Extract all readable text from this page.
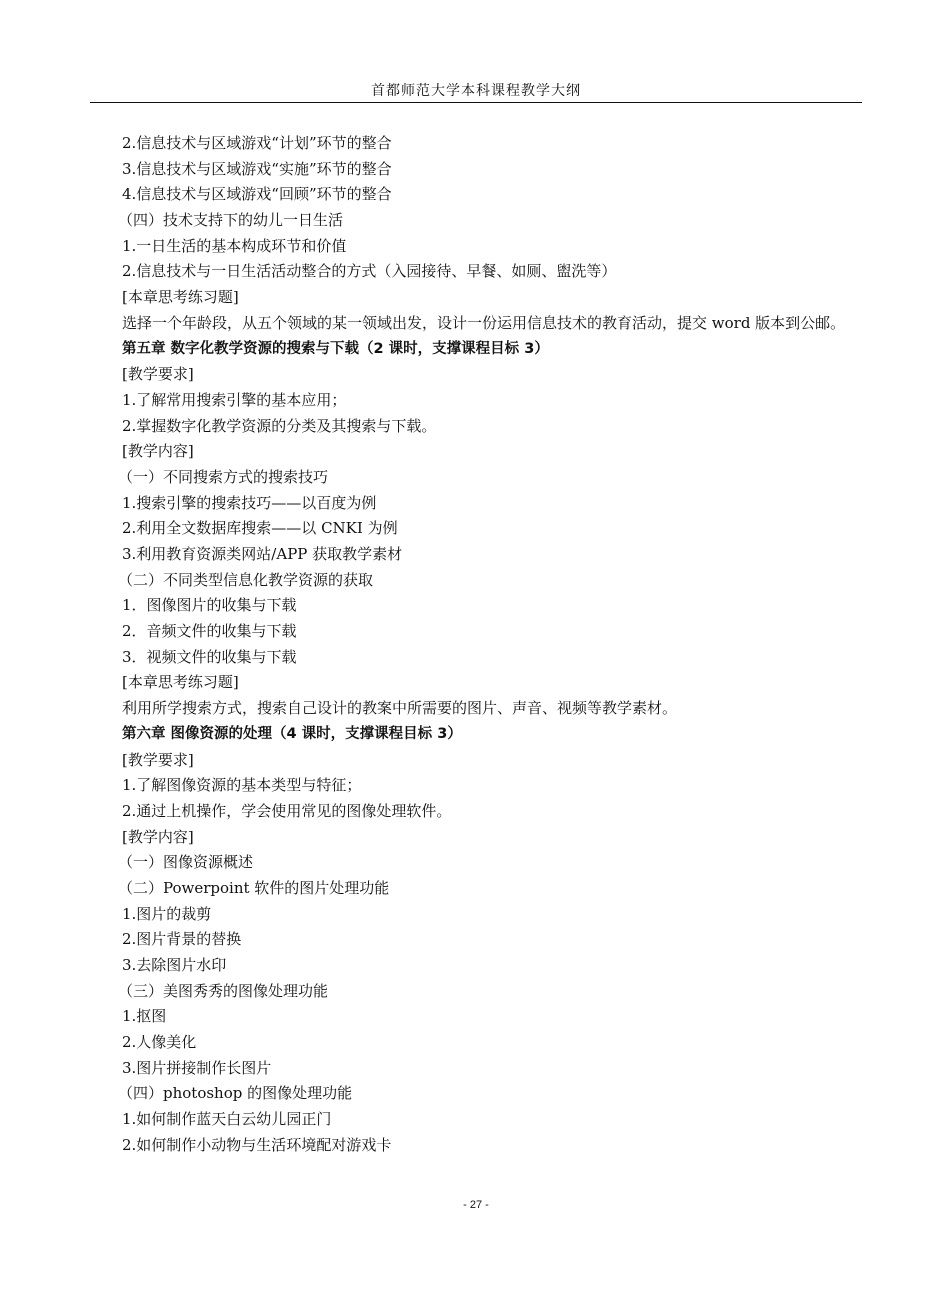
首都师范大学本科课程教学大纲
2.信息技术与区域游戏“计划”环节的整合
3.信息技术与区域游戏“实施”环节的整合
4.信息技术与区域游戏“回顾”环节的整合
（四）技术支持下的幼儿一日生活
1.一日生活的基本构成环节和价值
2.信息技术与一日生活活动整合的方式（入园接待、早餐、如厕、盥洗等）
[本章思考练习题]
选择一个年龄段，从五个领域的某一领域出发，设计一份运用信息技术的教育活动，提交 word 版本到公邮。
第五章 数字化教学资源的搜索与下载（2 课时，支撑课程目标 3）
[教学要求]
1.了解常用搜索引擎的基本应用；
2.掌握数字化教学资源的分类及其搜索与下载。
[教学内容]
（一）不同搜索方式的搜索技巧
1.搜索引擎的搜索技巧——以百度为例
2.利用全文数据库搜索——以 CNKI 为例
3.利用教育资源类网站/APP 获取教学素材
（二）不同类型信息化教学资源的获取
1．图像图片的收集与下载
2．音频文件的收集与下载
3．视频文件的收集与下载
[本章思考练习题]
利用所学搜索方式，搜索自己设计的教案中所需要的图片、声音、视频等教学素材。
第六章 图像资源的处理（4 课时，支撑课程目标 3）
[教学要求]
1.了解图像资源的基本类型与特征；
2.通过上机操作，学会使用常见的图像处理软件。
[教学内容]
（一）图像资源概述
（二）Powerpoint 软件的图片处理功能
1.图片的裁剪
2.图片背景的替换
3.去除图片水印
（三）美图秀秀的图像处理功能
1.抠图
2.人像美化
3.图片拼接制作长图片
（四）photoshop 的图像处理功能
1.如何制作蓝天白云幼儿园正门
2.如何制作小动物与生活环境配对游戏卡
- 27 -
